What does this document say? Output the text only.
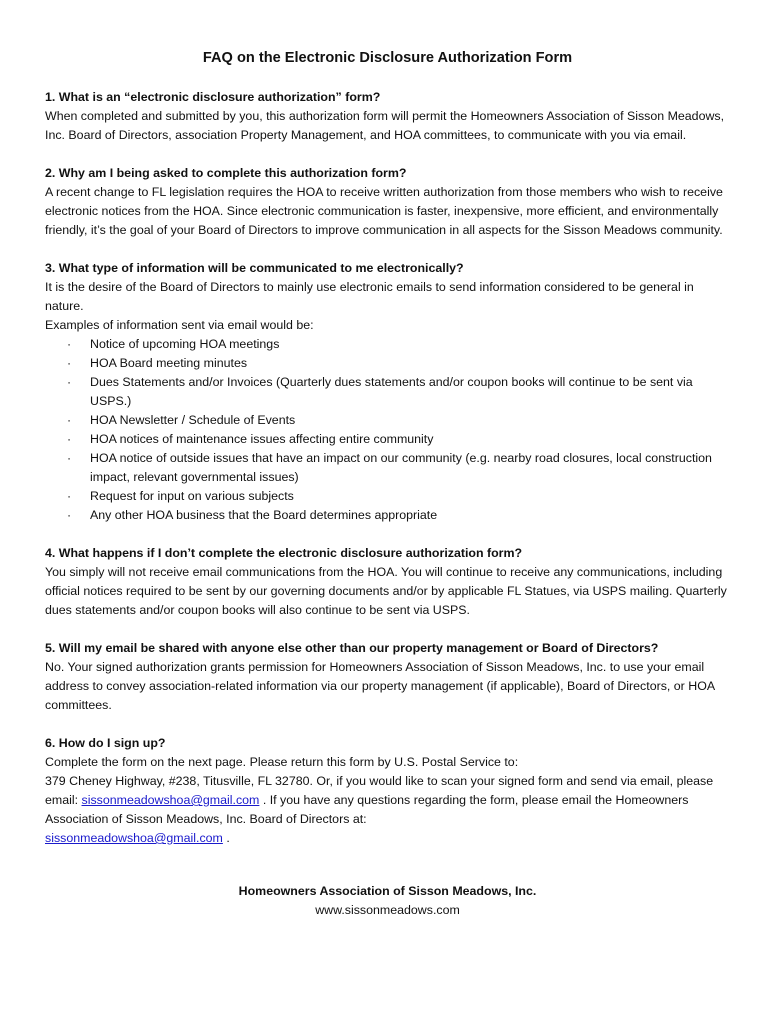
FAQ on the Electronic Disclosure Authorization Form
1. What is an “electronic disclosure authorization” form?
When completed and submitted by you, this authorization form will permit the Homeowners Association of Sisson Meadows, Inc. Board of Directors, association Property Management, and HOA committees, to communicate with you via email.
2. Why am I being asked to complete this authorization form?
A recent change to FL legislation requires the HOA to receive written authorization from those members who wish to receive electronic notices from the HOA. Since electronic communication is faster, inexpensive, more efficient, and environmentally friendly, it’s the goal of your Board of Directors to improve communication in all aspects for the Sisson Meadows community.
3. What type of information will be communicated to me electronically?
It is the desire of the Board of Directors to mainly use electronic emails to send information considered to be general in nature.
Examples of information sent via email would be:
· Notice of upcoming HOA meetings
· HOA Board meeting minutes
· Dues Statements and/or Invoices (Quarterly dues statements and/or coupon books will continue to be sent via USPS.)
· HOA Newsletter / Schedule of Events
· HOA notices of maintenance issues affecting entire community
· HOA notice of outside issues that have an impact on our community (e.g. nearby road closures, local construction impact, relevant governmental issues)
· Request for input on various subjects
· Any other HOA business that the Board determines appropriate
4. What happens if I don’t complete the electronic disclosure authorization form?
You simply will not receive email communications from the HOA. You will continue to receive any communications, including official notices required to be sent by our governing documents and/or by applicable FL Statues, via USPS mailing. Quarterly dues statements and/or coupon books will also continue to be sent via USPS.
5. Will my email be shared with anyone else other than our property management or Board of Directors?
No. Your signed authorization grants permission for Homeowners Association of Sisson Meadows, Inc. to use your email address to convey association-related information via our property management (if applicable), Board of Directors, or HOA committees.
6. How do I sign up?
Complete the form on the next page. Please return this form by U.S. Postal Service to:
379 Cheney Highway, #238, Titusville, FL 32780. Or, if you would like to scan your signed form and send via email, please email: sissonmeadowshoa@gmail.com . If you have any questions regarding the form, please email the Homeowners Association of Sisson Meadows, Inc. Board of Directors at:
sissonmeadowshoa@gmail.com .
Homeowners Association of Sisson Meadows, Inc.
www.sissonmeadows.com
